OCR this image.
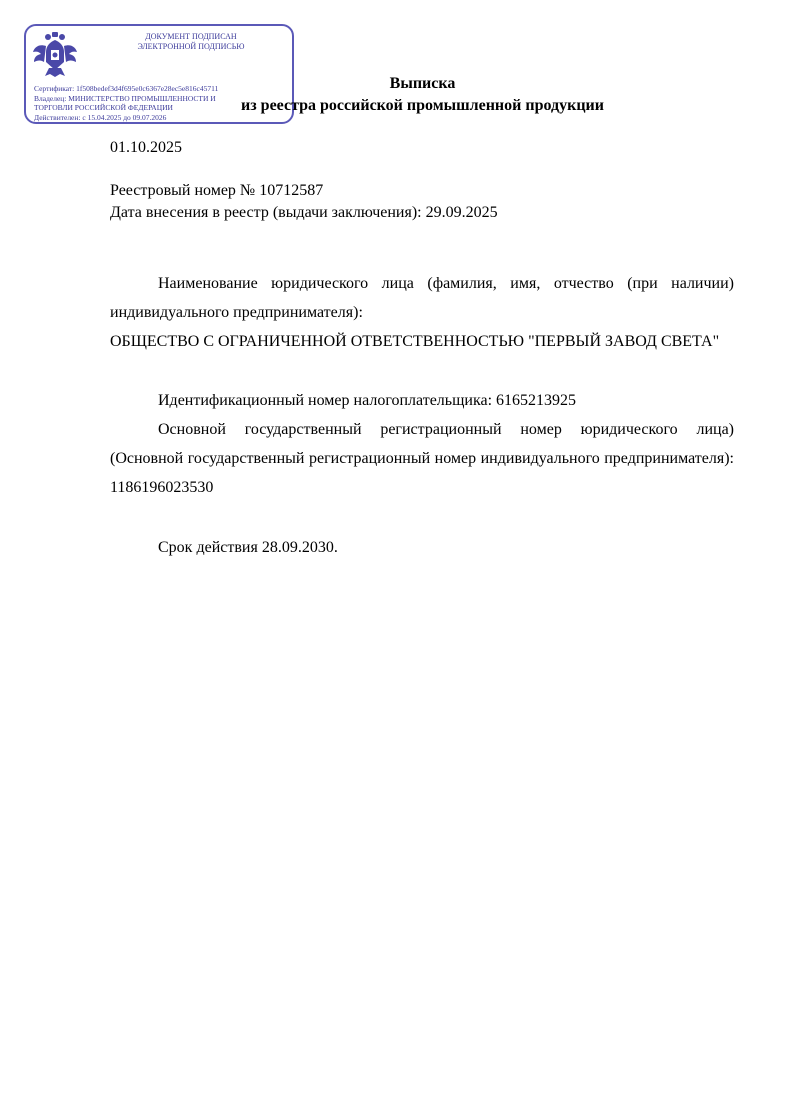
ДОКУМЕНТ ПОДПИСАН
ЭЛЕКТРОННОЙ ПОДПИСЬЮ
Сертификат: 1f508bedef3d4f695e0c6367e28ec5e816c45711
Владелец: МИНИСТЕРСТВО ПРОМЫШЛЕННОСТИ И
ТОРГОВЛИ РОССИЙСКОЙ ФЕДЕРАЦИИ
Действителен: с 15.04.2025 до 09.07.2026
Выписка
из реестра российской промышленной продукции
01.10.2025
Реестровый номер № 10712587
Дата внесения в реестр (выдачи заключения): 29.09.2025
Наименование юридического лица (фамилия, имя, отчество (при наличии) индивидуального предпринимателя):
ОБЩЕСТВО С ОГРАНИЧЕННОЙ ОТВЕТСТВЕННОСТЬЮ "ПЕРВЫЙ ЗАВОД СВЕТА"
Идентификационный номер налогоплательщика: 6165213925
Основной государственный регистрационный номер юридического лица) (Основной государственный регистрационный номер индивидуального предпринимателя): 1186196023530
Срок действия 28.09.2030.
